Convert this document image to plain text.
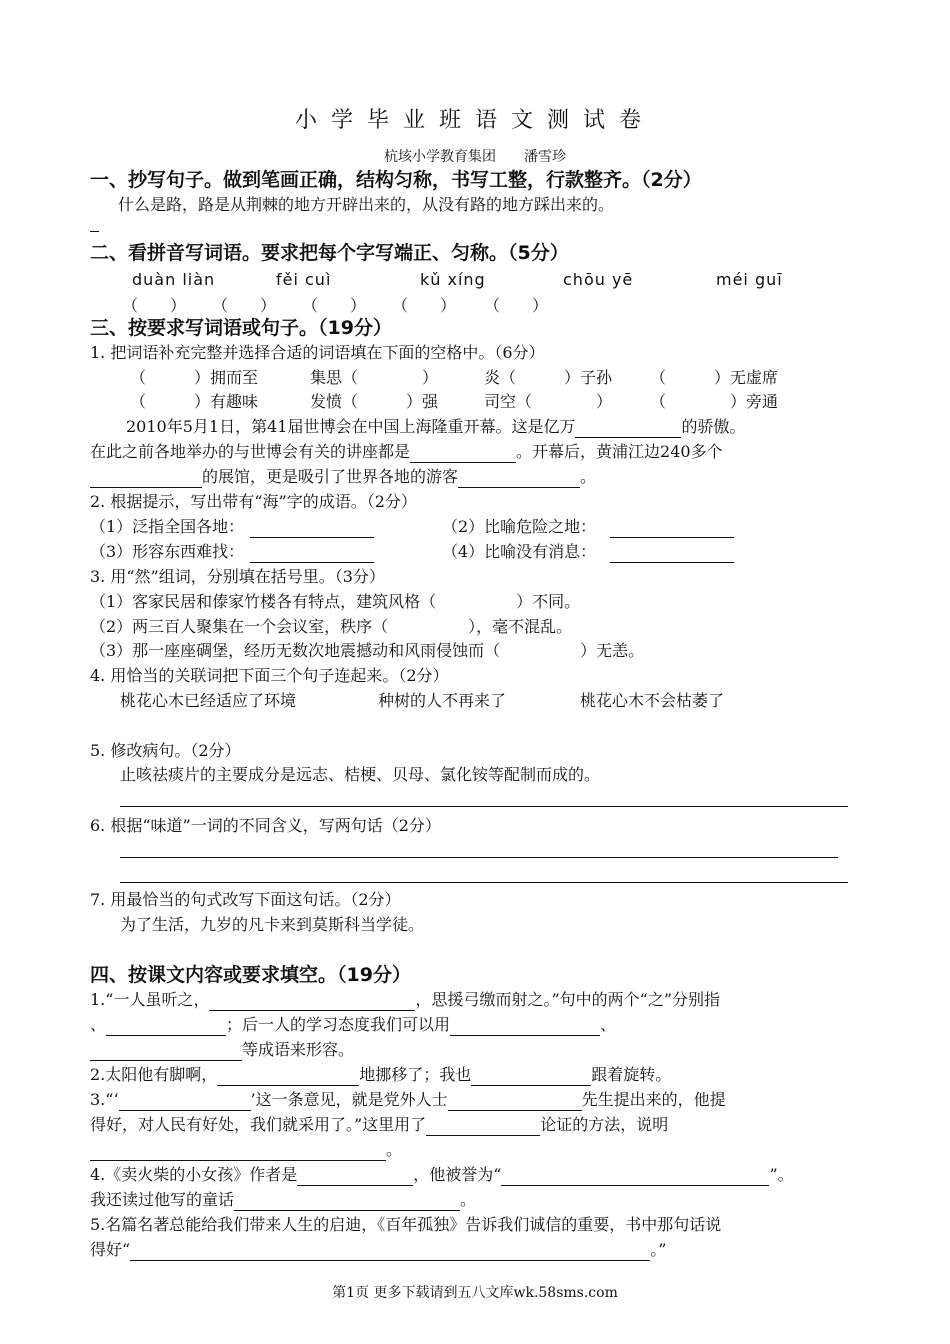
小学毕业班语文测试卷
杭垓小学教育集团　　潘雪珍
一、抄写句子。做到笔画正确，结构匀称，书写工整，行款整齐。（2分）
什么是路，路是从荆棘的地方开辟出来的，从没有路的地方踩出来的。
二、看拼音写词语。要求把每个字写端正、匀称。（5分）
duàn liàn	fěi cuì	kǔ xíng	chōu yē	méi guī
（　　） （　　） （　　） （　　） （　　）
三、按要求写词语或句子。（19分）
1. 把词语补充完整并选择合适的词语填在下面的空格中。（6分）
（　　　）拥而至	集思（　　　　）	炎（　　　）子孙 （　　　）无虚席
（　　　）有趣味	发愤（　　　）强	司空（　　　　） （　　　　）旁通
2010年5月1日，第41届世博会在中国上海隆重开幕。这是亿万	的骄傲。
在此之前各地举办的与世博会有关的讲座都是	。开幕后，黄浦江边240多个
的展馆，更是吸引了世界各地的游客	。
2. 根据提示，写出带有“海”字的成语。（2分）
（1）泛指全国各地：	（2）比喻危险之地：
（3）形容东西难找：	（4）比喻没有消息：
3. 用“然”组词，分别填在括号里。（3分）
（1）客家民居和傣家竹楼各有特点，建筑风格（　　　　　）不同。
（2）两三百人聚集在一个会议室，秩序（　　　　　），毫不混乱。
（3）那一座座碉堡，经历无数次地震撼动和风雨侵蚀而（　　　　　）无恙。
4. 用恰当的关联词把下面三个句子连起来。（2分）
桃花心木已经适应了环境	种树的人不再来了	桃花心木不会枯萎了
5. 修改病句。（2分）
止咳祛痰片的主要成分是远志、桔梗、贝母、氯化铵等配制而成的。
6. 根据“味道”一词的不同含义，写两句话（2分）
7. 用最恰当的句式改写下面这句话。（2分）
为了生活，九岁的凡卡来到莫斯科当学徒。
四、按课文内容或要求填空。（19分）
1.“一人虽听之，	，思援弓缴而射之。”句中的两个“之”分别指
、	；后一人的学习态度我们可以用	、
等成语来形容。
2.太阳他有脚啊，	地挪移了；我也	跟着旋转。
3.“‘	’这一条意见，就是党外人士	先生提出来的，他提
得好，对人民有好处，我们就采用了。”这里用了	论证的方法，说明
。
4.《卖火柴的小女孩》作者是	，他被誉为“	”。
我还读过他写的童话	。
5.名篇名著总能给我们带来人生的启迪，《百年孤独》告诉我们诚信的重要，书中那句话说
得好“	。”
第1页 更多下载请到五八文库wk.58sms.com
